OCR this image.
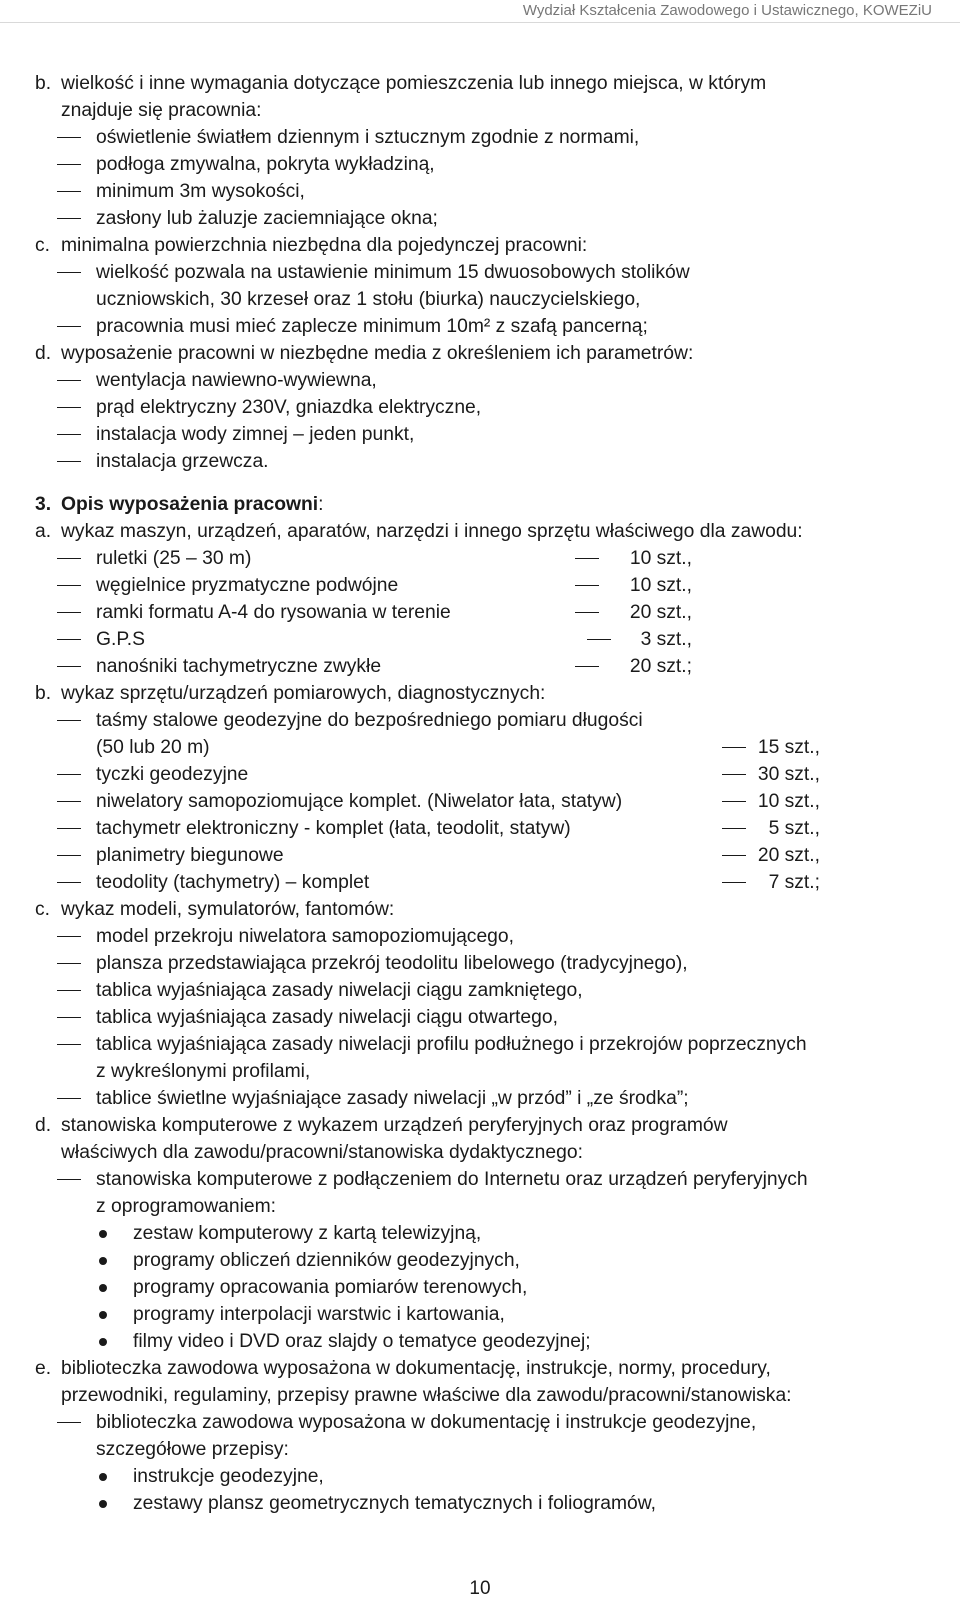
Wydział Kształcenia Zawodowego i Ustawicznego, KOWEZiU
b. wielkość i inne wymagania dotyczące pomieszczenia lub innego miejsca, w którym
znajduje się pracownia:
oświetlenie światłem dziennym i sztucznym zgodnie z normami,
podłoga zmywalna, pokryta wykładziną,
minimum 3m wysokości,
zasłony lub żaluzje zaciemniające okna;
c. minimalna powierzchnia niezbędna dla pojedynczej pracowni:
wielkość pozwala na ustawienie minimum 15 dwuosobowych stolików
uczniowskich, 30 krzeseł oraz 1 stołu (biurka) nauczycielskiego,
pracownia musi mieć zaplecze minimum 10m² z szafą pancerną;
d. wyposażenie pracowni w niezbędne media z określeniem ich parametrów:
wentylacja nawiewno-wywiewna,
prąd elektryczny 230V, gniazdka elektryczne,
instalacja wody zimnej – jeden punkt,
instalacja grzewcza.
3. Opis wyposażenia pracowni:
a. wykaz maszyn, urządzeń, aparatów, narzędzi i innego sprzętu właściwego dla zawodu:
ruletki (25 – 30 m)	10 szt.,
węgielnice pryzmatyczne podwójne	10 szt.,
ramki formatu A-4 do rysowania w terenie	20 szt.,
G.P.S	3 szt.,
nanośniki tachymetryczne zwykłe	20 szt.;
b. wykaz sprzętu/urządzeń pomiarowych, diagnostycznych:
taśmy stalowe geodezyjne do bezpośredniego pomiaru długości
(50 lub 20 m)	15 szt.,
tyczki geodezyjne	30 szt.,
niwelatory samopoziomujące komplet. (Niwelator łata, statyw)	10 szt.,
tachymetr elektroniczny - komplet (łata, teodolit, statyw)	5 szt.,
planimetry biegunowe	20 szt.,
teodolity (tachymetry) – komplet	7 szt.;
c. wykaz modeli, symulatorów, fantomów:
model przekroju niwelatora samopoziomującego,
plansza przedstawiająca przekrój teodolitu libelowego (tradycyjnego),
tablica wyjaśniająca zasady niwelacji ciągu zamkniętego,
tablica wyjaśniająca zasady niwelacji ciągu otwartego,
tablica wyjaśniająca zasady niwelacji profilu podłużnego i przekrojów poprzecznych
z wykreślonymi profilami,
tablice świetlne wyjaśniające zasady niwelacji „w przód” i „ze środka”;
d. stanowiska komputerowe z wykazem urządzeń peryferyjnych oraz programów
właściwych dla zawodu/pracowni/stanowiska dydaktycznego:
stanowiska komputerowe z podłączeniem do Internetu oraz urządzeń peryferyjnych
z oprogramowaniem:
zestaw komputerowy z kartą telewizyjną,
programy obliczeń dzienników geodezyjnych,
programy opracowania pomiarów terenowych,
programy interpolacji warstwic i kartowania,
filmy video i DVD oraz slajdy o tematyce geodezyjnej;
e. biblioteczka zawodowa wyposażona w dokumentację, instrukcje, normy, procedury,
przewodniki, regulaminy, przepisy prawne właściwe dla zawodu/pracowni/stanowiska:
biblioteczka zawodowa wyposażona w dokumentację i instrukcje geodezyjne,
szczegółowe przepisy:
instrukcje geodezyjne,
zestawy plansz geometrycznych tematycznych i foliogramów,
10
